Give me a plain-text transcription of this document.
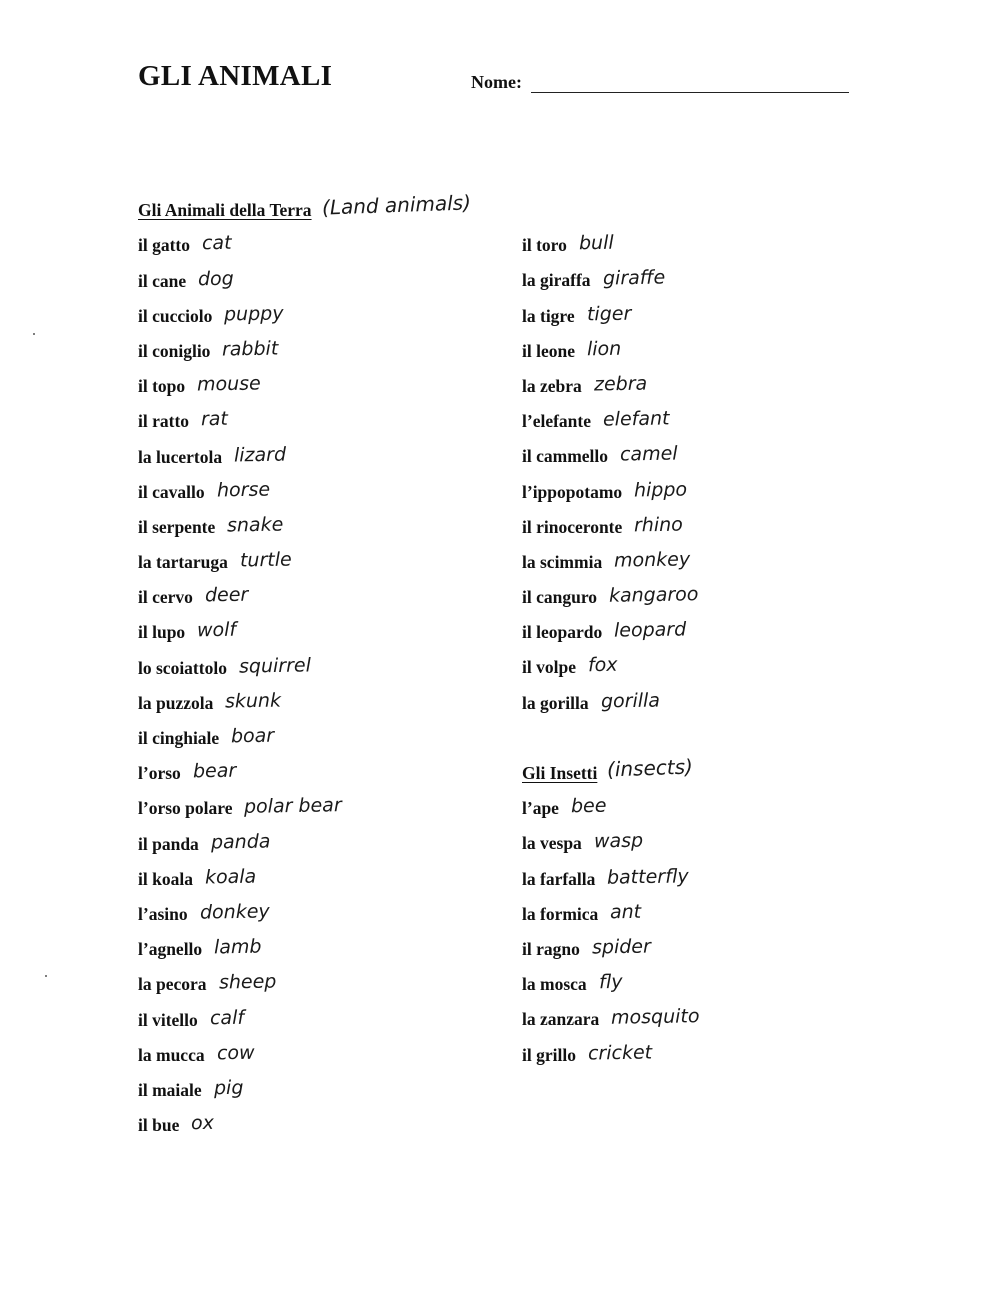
GLI ANIMALI	Nome:
Gli Animali della Terra (Land animals)
il gatto cat
il cane dog
il cucciolo puppy
il coniglio rabbit
il topo mouse
il ratto rat
la lucertola lizard
il cavallo horse
il serpente snake
la tartaruga turtle
il cervo deer
il lupo wolf
lo scoiattolo squirrel
la puzzola skunk
il cinghiale boar
l’orso bear
l’orso polare polar bear
il panda panda
il koala koala
l’asino donkey
l’agnello lamb
la pecora sheep
il vitello calf
la mucca cow
il maiale pig
il bue ox
il toro bull
la giraffa giraffe
la tigre tiger
il leone lion
la zebra zebra
l’elefante elefant
il cammello camel
l’ippopotamo hippo
il rinoceronte rhino
la scimmia monkey
il canguro kangaroo
il leopardo leopard
il volpe fox
la gorilla gorilla
Gli Insetti (insects)
l’ape bee
la vespa wasp
la farfalla batterfly
la formica ant
il ragno spider
la mosca fly
la zanzara mosquito
il grillo cricket
